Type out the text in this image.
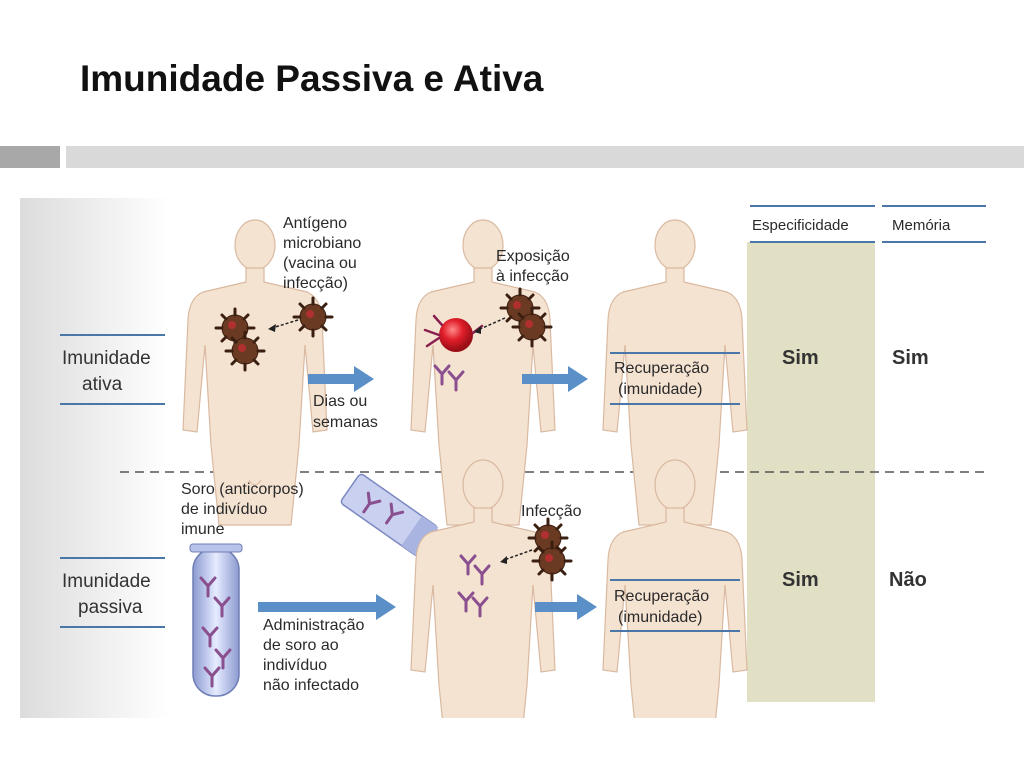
Imunidade Passiva e Ativa
Especificidade	Memória
Imunidade
ativa
Antígeno
microbiano
(vacina ou
infecção)
Exposição
à infecção
Dias ou
semanas
Recuperação
(imunidade)
Sim	Sim
Imunidade
passiva
Soro (anticorpos)
de indivíduo
imune
Infecção
Administração
de soro ao
indivíduo
não infectado
Recuperação
(imunidade)
Sim	Não
